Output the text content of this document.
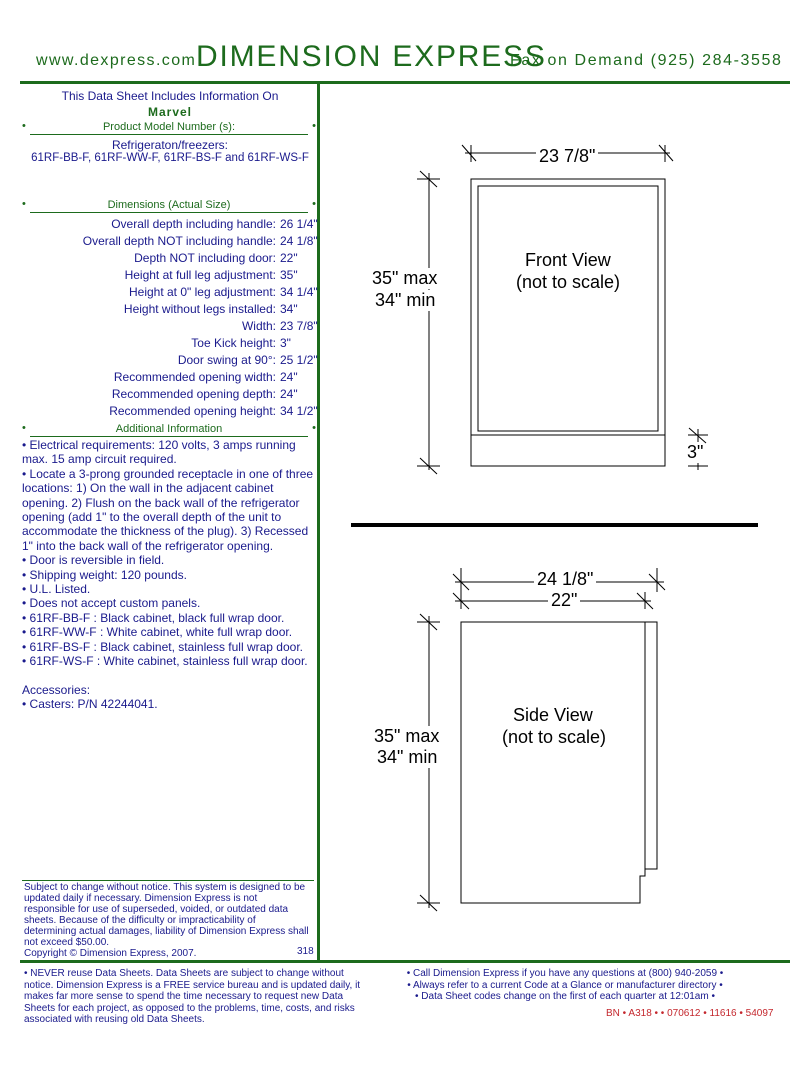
www.dexpress.com DIMENSION EXPRESS
Fax on Demand (925) 284-3558
This Data Sheet Includes Information On
Marvel
•	Product Model Number (s):	•
Refrigeraton/freezers:
61RF-BB-F, 61RF-WW-F, 61RF-BS-F and 61RF-WS-F
•	Dimensions (Actual Size)	•
Overall depth including handle: 26 1/4"
Overall depth NOT including handle: 24 1/8"
Depth NOT including door: 22"
Height at full leg adjustment: 35"
Height at 0" leg adjustment: 34 1/4"
Height without legs installed: 34"
Width: 23 7/8"
Toe Kick height: 3"
Door swing at 90°: 25 1/2"
Recommended opening width: 24"
Recommended opening depth: 24"
Recommended opening height: 34 1/2"
•	Additional Information	•

• Electrical requirements: 120 volts, 3 amps running max. 15 amp circuit required.

• Locate a 3-prong grounded receptacle in one of three locations: 1) On the wall in the adjacent cabinet opening. 2) Flush on the back wall of the refrigerator opening (add 1" to the overall depth of the unit to accommodate the thickness of the plug). 3) Recessed 1" into the back wall of the refrigerator opening.

• Door is reversible in field.

• Shipping weight: 120 pounds.

• U.L. Listed.

• Does not accept custom panels.

• 61RF-BB-F : Black cabinet, black full wrap door.

• 61RF-WW-F : White cabinet, white full wrap door.

• 61RF-BS-F : Black cabinet, stainless full wrap door.

• 61RF-WS-F : White cabinet, stainless full wrap door.

Accessories:

• Casters: P/N 42244041.

Subject to change without notice. This system is designed to be updated daily if necessary. Dimension Express is not responsible for use of superseded, voided, or outdated data sheets. Because of the difficulty or impracticability of determining actual damages, liability of Dimension Express shall not exceed $50.00.
Copyright © Dimension Express, 2007.	318
23 7/8"
Front View
(not to scale)
35" max
34" min
3"
24 1/8"
22"
Side View
(not to scale)
35" max
34" min
• NEVER reuse Data Sheets. Data Sheets are subject to change without notice. Dimension Express is a FREE service bureau and is updated daily, it makes far more sense to spend the time necessary to request new Data Sheets for each project, as opposed to the problems, time, costs, and risks associated with reusing old Data Sheets.
• Call Dimension Express if you have any questions at (800) 940-2059 •
• Always refer to a current Code at a Glance or manufacturer directory •
• Data Sheet codes change on the first of each quarter at 12:01am •
BN • A318 • • 070612 • 11616 • 54097
